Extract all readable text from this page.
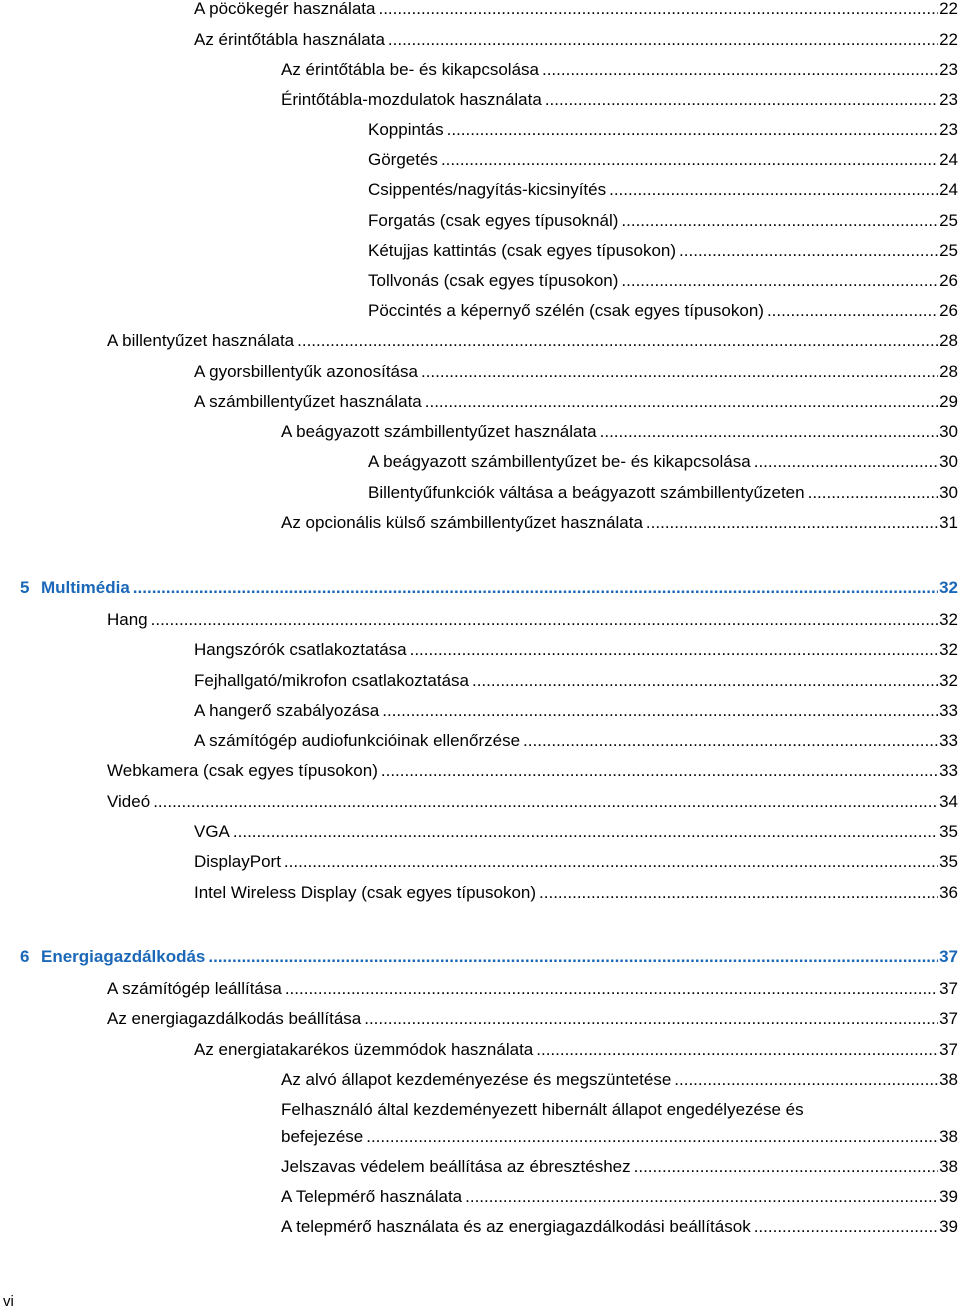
A pöcökegér használata .....	22
Az érintőtábla használata .....	22
Az érintőtábla be- és kikapcsolása .....	23
Érintőtábla-mozdulatok használata .....	23
Koppintás .....	23
Görgetés .....	24
Csippentés/nagyítás-kicsinyítés .....	24
Forgatás (csak egyes típusoknál) .....	25
Kétujjas kattintás (csak egyes típusokon) .....	25
Tollvonás (csak egyes típusokon) .....	26
Pöccintés a képernyő szélén (csak egyes típusokon) .....	26
A billentyűzet használata .....	28
A gyorsbillentyűk azonosítása .....	28
A számbillentyűzet használata .....	29
A beágyazott számbillentyűzet használata .....	30
A beágyazott számbillentyűzet be- és kikapcsolása .....	30
Billentyűfunkciók váltása a beágyazott számbillentyűzeten .....	30
Az opcionális külső számbillentyűzet használata .....	31
5 Multimédia .....	32
Hang .....	32
Hangszórók csatlakoztatása .....	32
Fejhallgató/mikrofon csatlakoztatása .....	32
A hangerő szabályozása .....	33
A számítógép audiofunkcióinak ellenőrzése .....	33
Webkamera (csak egyes típusokon) .....	33
Videó .....	34
VGA .....	35
DisplayPort .....	35
Intel Wireless Display (csak egyes típusokon) .....	36
6 Energiagazdálkodás .....	37
A számítógép leállítása .....	37
Az energiagazdálkodás beállítása .....	37
Az energiatakarékos üzemmódok használata .....	37
Az alvó állapot kezdeményezése és megszüntetése .....	38
Felhasználó által kezdeményezett hibernált állapot engedélyezése és
befejezése .....	38
Jelszavas védelem beállítása az ébresztéshez .....	38
A Telepmérő használata .....	39
A telepmérő használata és az energiagazdálkodási beállítások .....	39
vi
